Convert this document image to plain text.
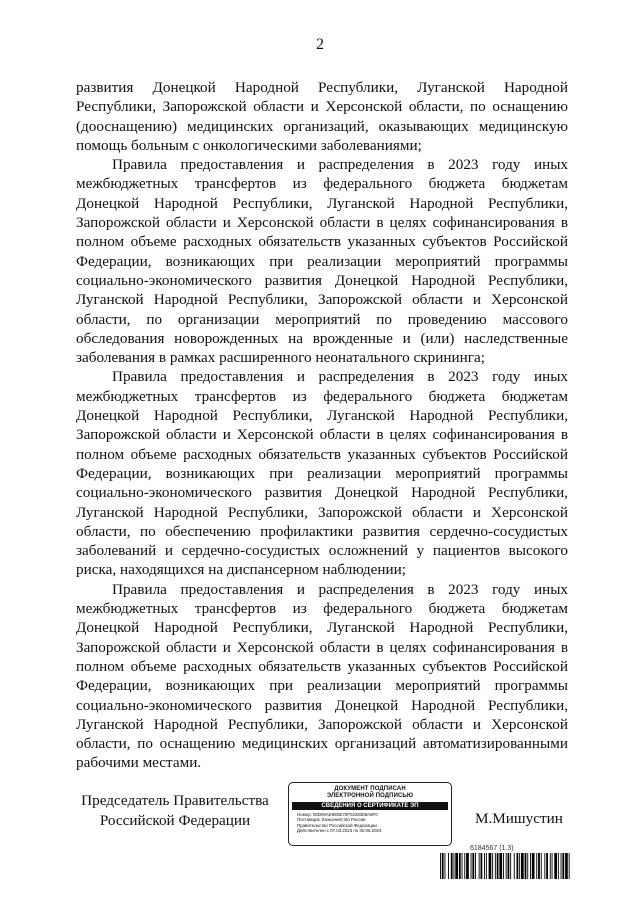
2

развития Донецкой Народной Республики, Луганской Народной Республики, Запорожской области и Херсонской области, по оснащению (дооснащению) медицинских организаций, оказывающих медицинскую помощь больным с онкологическими заболеваниями;

Правила предоставления и распределения в 2023 году иных межбюджетных трансфертов из федерального бюджета бюджетам Донецкой Народной Республики, Луганской Народной Республики, Запорожской области и Херсонской области в целях софинансирования в полном объеме расходных обязательств указанных субъектов Российской Федерации, возникающих при реализации мероприятий программы социально-экономического развития Донецкой Народной Республики, Луганской Народной Республики, Запорожской области и Херсонской области, по организации мероприятий по проведению массового обследования новорожденных на врожденные и (или) наследственные заболевания в рамках расширенного неонатального скрининга;

Правила предоставления и распределения в 2023 году иных межбюджетных трансфертов из федерального бюджета бюджетам Донецкой Народной Республики, Луганской Народной Республики, Запорожской области и Херсонской области в целях софинансирования в полном объеме расходных обязательств указанных субъектов Российской Федерации, возникающих при реализации мероприятий программы социально-экономического развития Донецкой Народной Республики, Луганской Народной Республики, Запорожской области и Херсонской области, по обеспечению профилактики развития сердечно-сосудистых заболеваний и сердечно-сосудистых осложнений у пациентов высокого риска, находящихся на диспансерном наблюдении;

Правила предоставления и распределения в 2023 году иных межбюджетных трансфертов из федерального бюджета бюджетам Донецкой Народной Республики, Луганской Народной Республики, Запорожской области и Херсонской области в целях софинансирования в полном объеме расходных обязательств указанных субъектов Российской Федерации, возникающих при реализации мероприятий программы социально-экономического развития Донецкой Народной Республики, Луганской Народной Республики, Запорожской области и Херсонской области, по оснащению медицинских организаций автоматизированными рабочими местами.

Председатель Правительства
Российской Федерации
ДОКУМЕНТ ПОДПИСАН
ЭЛЕКТРОННОЙ ПОДПИСЬЮ
СВЕДЕНИЯ О СЕРТИФИКАТЕ ЭП
Номер: 00D00AE9E5E75F0228308A8F0
Поставщик: Казначейство России
Правительство Российской Федерации
Действителен с 07.03.2023 по 30.05.2024
М.Мишустин
6184567 (1.3)
